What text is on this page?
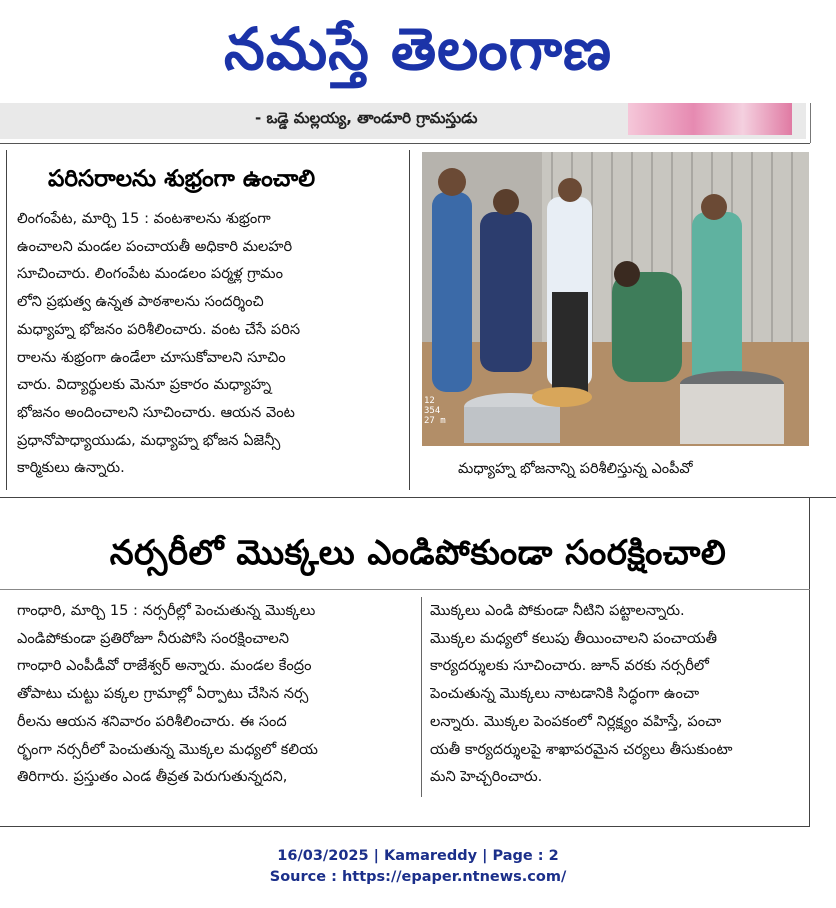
నమస్తే తెలంగాణ
- ఒడ్డె మల్లయ్య, తాండూరి గ్రామస్తుడు
పరిసరాలను శుభ్రంగా ఉంచాలి
లింగంపేట, మార్చి 15 : వంటశాలను శుభ్రంగా
ఉంచాలని మండల పంచాయతీ అధికారి మలహరి
సూచించారు. లింగంపేట మండలం పర్మళ్ల గ్రామం
లోని ప్రభుత్వ ఉన్నత పాఠశాలను సందర్శించి
మధ్యాహ్న భోజనం పరిశీలించారు. వంట చేసే పరిస
రాలను శుభ్రంగా ఉండేలా చూసుకోవాలని సూచిం
చారు. విద్యార్థులకు మెనూ ప్రకారం మధ్యాహ్న
భోజనం అందించాలని సూచించారు. ఆయన వెంట
ప్రధానోపాధ్యాయుడు, మధ్యాహ్న భోజన ఏజెన్సీ
కార్మికులు ఉన్నారు.
12
354
27 m
మధ్యాహ్న భోజనాన్ని పరిశీలిస్తున్న ఎంపీవో
నర్సరీలో మొక్కలు ఎండిపోకుండా సంరక్షించాలి
గాంధారి, మార్చి 15 : నర్సరీల్లో పెంచుతున్న మొక్కలు
ఎండిపోకుండా ప్రతిరోజూ నీరుపోసి సంరక్షించాలని
గాంధారి ఎంపీడీవో రాజేశ్వర్ అన్నారు. మండల కేంద్రం
తోపాటు చుట్టు పక్కల గ్రామాల్లో ఏర్పాటు చేసిన నర్స
రీలను ఆయన శనివారం పరిశీలించారు. ఈ సంద
ర్భంగా నర్సరీలో పెంచుతున్న మొక్కల మధ్యలో కలియ
తిరిగారు. ప్రస్తుతం ఎండ తీవ్రత పెరుగుతున్నదని,
మొక్కలు ఎండి పోకుండా నీటిని పట్టాలన్నారు.
మొక్కల మధ్యలో కలుపు తీయించాలని పంచాయతీ
కార్యదర్శులకు సూచించారు. జూన్ వరకు నర్సరీలో
పెంచుతున్న మొక్కలు నాటడానికి సిద్ధంగా ఉంచా
లన్నారు. మొక్కల పెంపకంలో నిర్లక్ష్యం వహిస్తే, పంచా
యతీ కార్యదర్శులపై శాఖాపరమైన చర్యలు తీసుకుంటా
మని హెచ్చరించారు.
16/03/2025 | Kamareddy | Page : 2
Source : https://epaper.ntnews.com/
